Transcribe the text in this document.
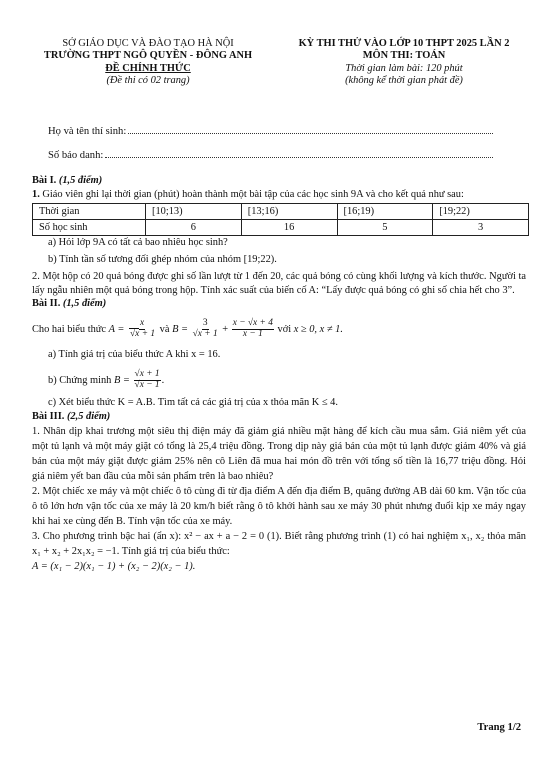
SỞ GIÁO DỤC VÀ ĐÀO TẠO HÀ NỘI
TRƯỜNG THPT NGÔ QUYỀN - ĐÔNG ANH
ĐỀ CHÍNH THỨC
(Đề thi có 02 trang)
KỲ THI THỬ VÀO LỚP 10 THPT 2025 LẦN 2
MÔN THI: TOÁN
Thời gian làm bài: 120 phút
(không kể thời gian phát đề)
Họ và tên thí sinh:
Số báo danh:

Bài I. (1,5 điểm)

1. Giáo viên ghi lại thời gian (phút) hoàn thành một bài tập của các học sinh 9A và cho kết quả như sau:

Thời gian	[10;13)	[13;16)	[16;19)	[19;22)
Số học sinh	6	16	5	3

a) Hỏi lớp 9A có tất cả bao nhiêu học sinh?

b) Tính tần số tương đối ghép nhóm của nhóm [19;22).

2. Một hộp có 20 quả bóng được ghi số lần lượt từ 1 đến 20, các quả bóng có cùng khối lượng và kích thước. Người ta lấy ngẫu nhiên một quả bóng trong hộp. Tính xác suất của biến cố A: “Lấy được quả bóng có ghi số chia hết cho 3”.

Bài II. (1,5 điểm)

Cho hai biểu thức $A = \frac{x}{√x + 1}$ và $B = \frac{3}{√x + 1} + \frac{x - √x + 4}{x - 1}$ với x ≥ 0, x ≠ 1.

a) Tính giá trị của biểu thức A khi x = 16.

b) Chứng minh $B = \frac{√x + 1}{√x - 1}$ .

c) Xét biểu thức K = A.B. Tìm tất cả các giá trị của x thỏa mãn K ≤ 4.

Bài III. (2,5 điểm)

1. Nhân dịp khai trương một siêu thị điện máy đã giảm giá nhiều mặt hàng để kích cầu mua sắm. Giá niêm yết của một tủ lạnh và một máy giặt có tổng là 25,4 triệu đồng. Trong dịp này giá bán của một tủ lạnh được giảm 40% và giá bán của một máy giặt được giảm 25% nên cô Liên đã mua hai món đồ trên với tổng số tiền là 16,77 triệu đồng. Hỏi giá niêm yết ban đầu của mỗi sản phẩm trên là bao nhiêu?

2. Một chiếc xe máy và một chiếc ô tô cùng đi từ địa điểm A đến địa điểm B, quãng đường AB dài 60 km. Vận tốc của ô tô lớn hơn vận tốc của xe máy là 20 km/h biết rằng ô tô khởi hành sau xe máy 30 phút nhưng đuổi kịp xe máy ngay khi hai xe cùng đến B. Tính vận tốc của xe máy.

3. Cho phương trình bậc hai (ẩn x): x² − ax + a − 2 = 0 (1). Biết rằng phương trình (1) có hai nghiệm x₁, x₂ thỏa mãn x₁ + x₂ + 2x₁x₂ = −1. Tính giá trị của biểu thức:

A = (x₁ − 2)(x₁ − 1) + (x₂ − 2)(x₂ − 1).

Trang 1/2
